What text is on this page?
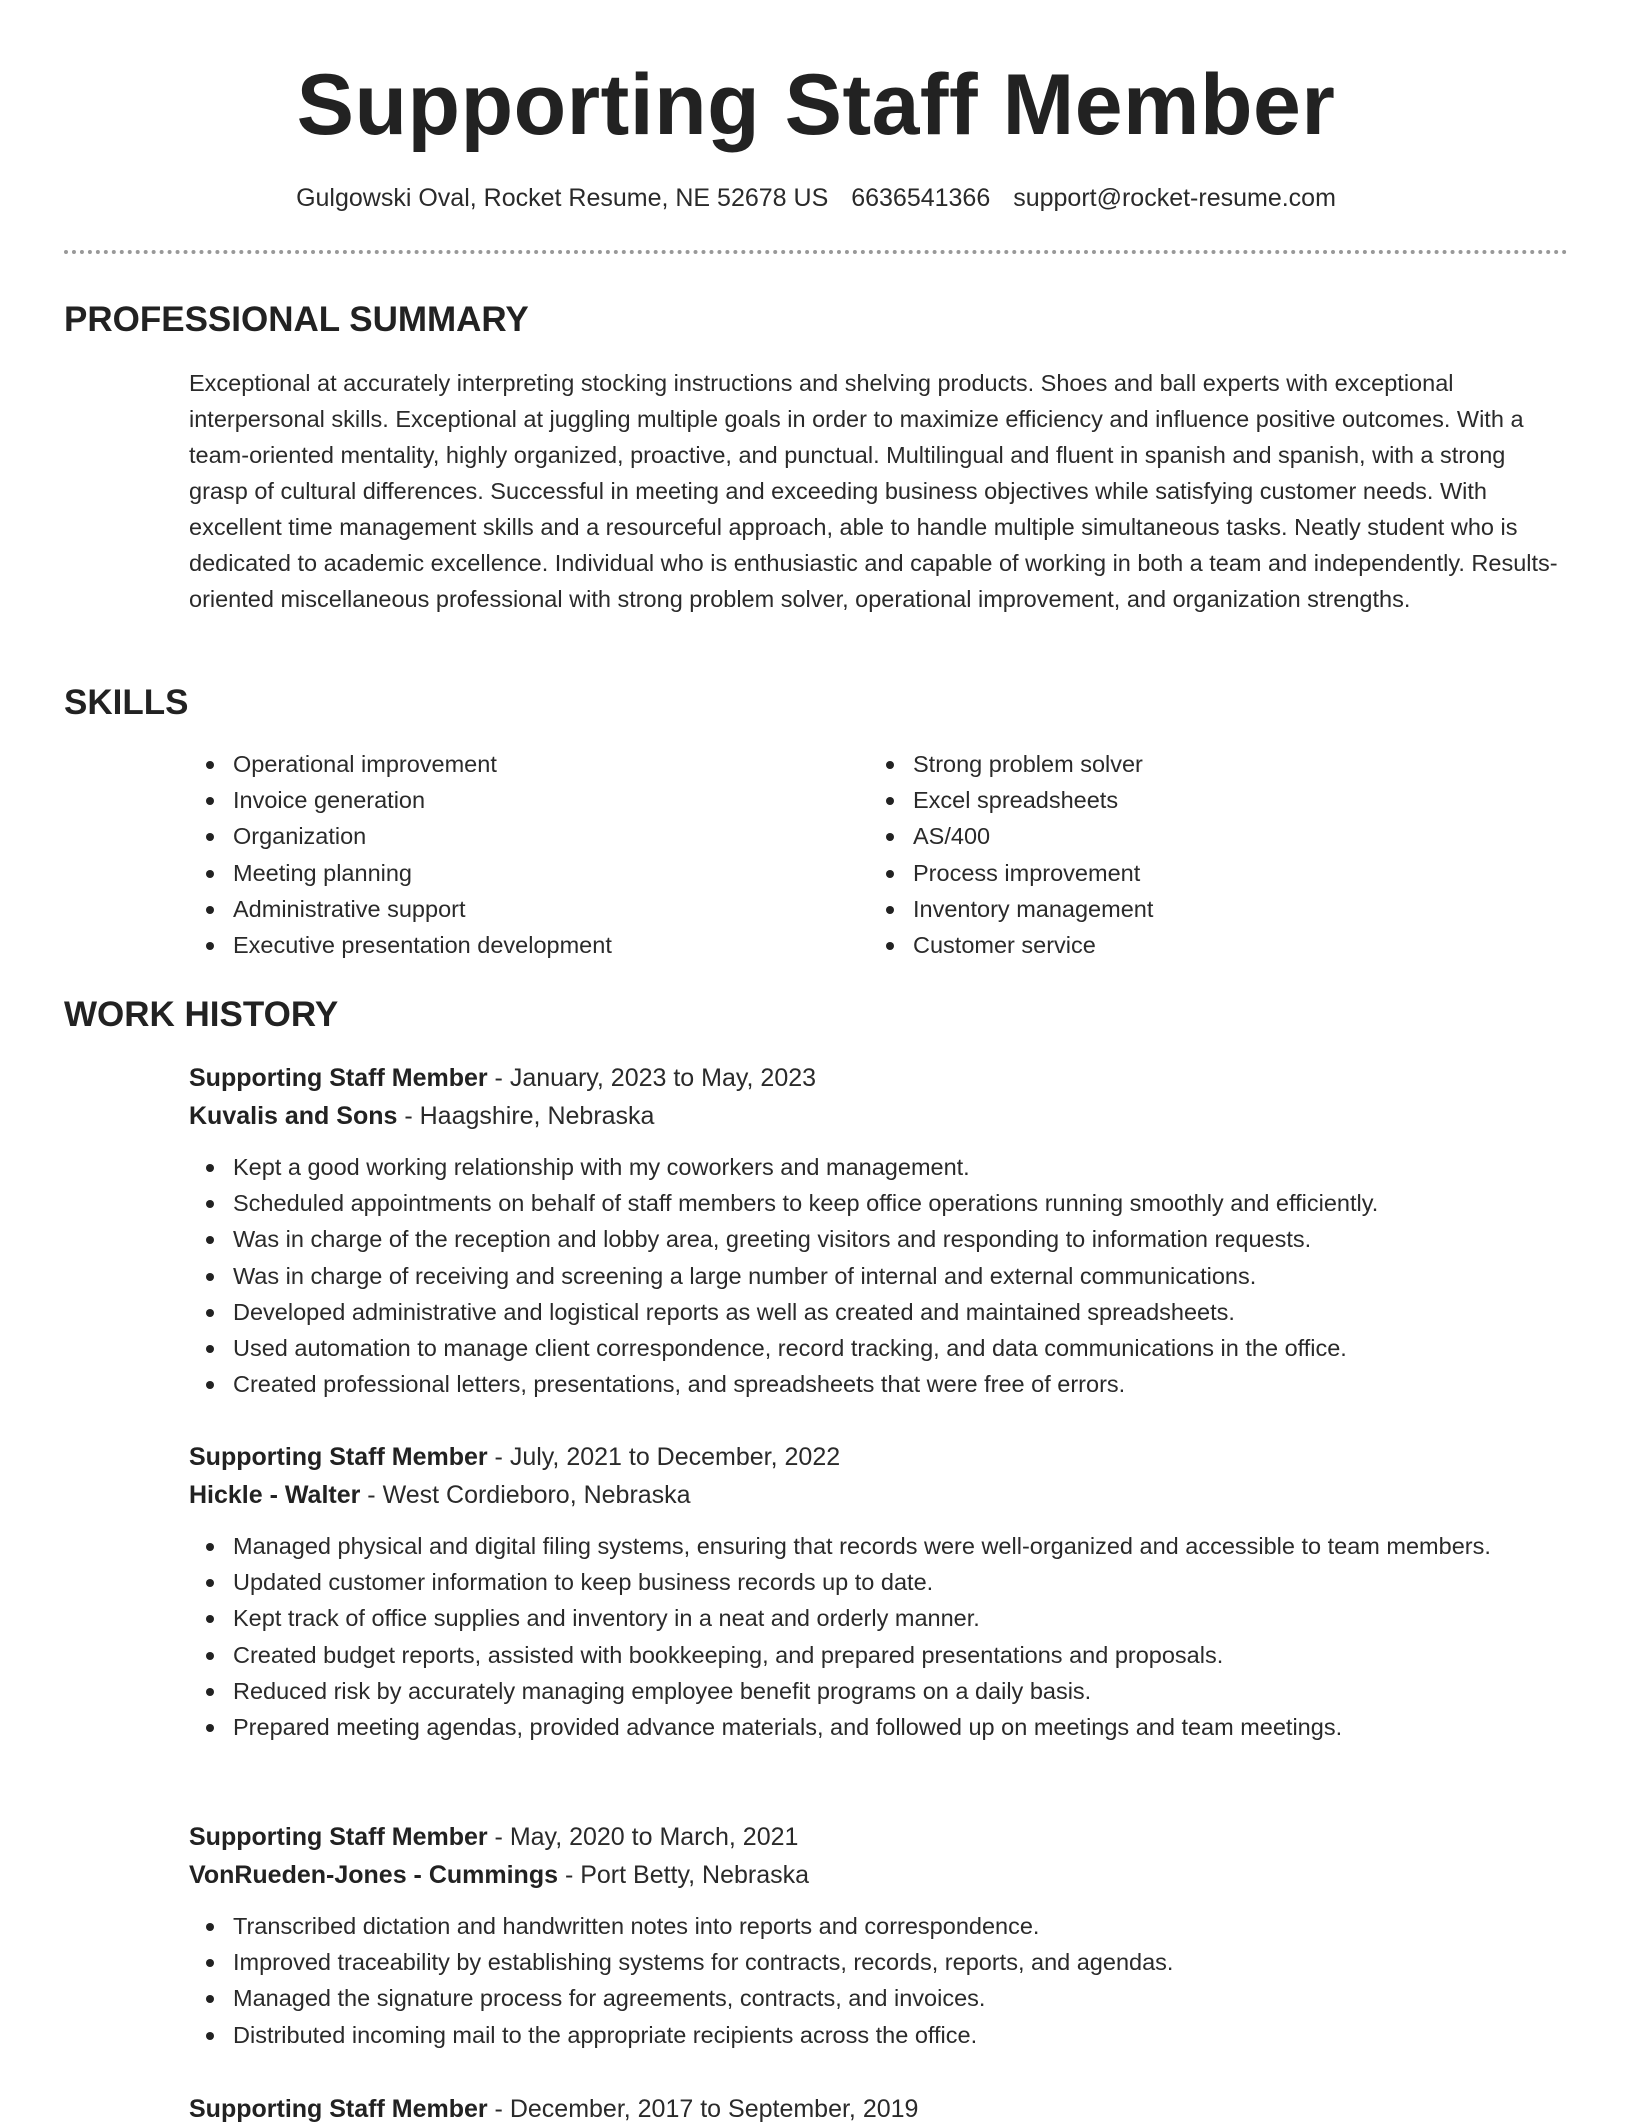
Supporting Staff Member
Gulgowski Oval, Rocket Resume, NE 52678 US 6636541366 support@rocket-resume.com
PROFESSIONAL SUMMARY

Exceptional at accurately interpreting stocking instructions and shelving products. Shoes and ball experts with exceptional interpersonal skills. Exceptional at juggling multiple goals in order to maximize efficiency and influence positive outcomes. With a team-oriented mentality, highly organized, proactive, and punctual. Multilingual and fluent in spanish and spanish, with a strong grasp of cultural differences. Successful in meeting and exceeding business objectives while satisfying customer needs. With excellent time management skills and a resourceful approach, able to handle multiple simultaneous tasks. Neatly student who is dedicated to academic excellence. Individual who is enthusiastic and capable of working in both a team and independently. Results-oriented miscellaneous professional with strong problem solver, operational improvement, and organization strengths.

SKILLS
Operational improvement
Invoice generation
Organization
Meeting planning
Administrative support
Executive presentation development
Strong problem solver
Excel spreadsheets
AS/400
Process improvement
Inventory management
Customer service
WORK HISTORY

Supporting Staff Member - January, 2023 to May, 2023

Kuvalis and Sons - Haagshire, Nebraska

Kept a good working relationship with my coworkers and management.
Scheduled appointments on behalf of staff members to keep office operations running smoothly and efficiently.
Was in charge of the reception and lobby area, greeting visitors and responding to information requests.
Was in charge of receiving and screening a large number of internal and external communications.
Developed administrative and logistical reports as well as created and maintained spreadsheets.
Used automation to manage client correspondence, record tracking, and data communications in the office.
Created professional letters, presentations, and spreadsheets that were free of errors.

Supporting Staff Member - July, 2021 to December, 2022

Hickle - Walter - West Cordieboro, Nebraska

Managed physical and digital filing systems, ensuring that records were well-organized and accessible to team members.
Updated customer information to keep business records up to date.
Kept track of office supplies and inventory in a neat and orderly manner.
Created budget reports, assisted with bookkeeping, and prepared presentations and proposals.
Reduced risk by accurately managing employee benefit programs on a daily basis.
Prepared meeting agendas, provided advance materials, and followed up on meetings and team meetings.

Supporting Staff Member - May, 2020 to March, 2021

VonRueden-Jones - Cummings - Port Betty, Nebraska

Transcribed dictation and handwritten notes into reports and correspondence.
Improved traceability by establishing systems for contracts, records, reports, and agendas.
Managed the signature process for agreements, contracts, and invoices.
Distributed incoming mail to the appropriate recipients across the office.

Supporting Staff Member - December, 2017 to September, 2019
